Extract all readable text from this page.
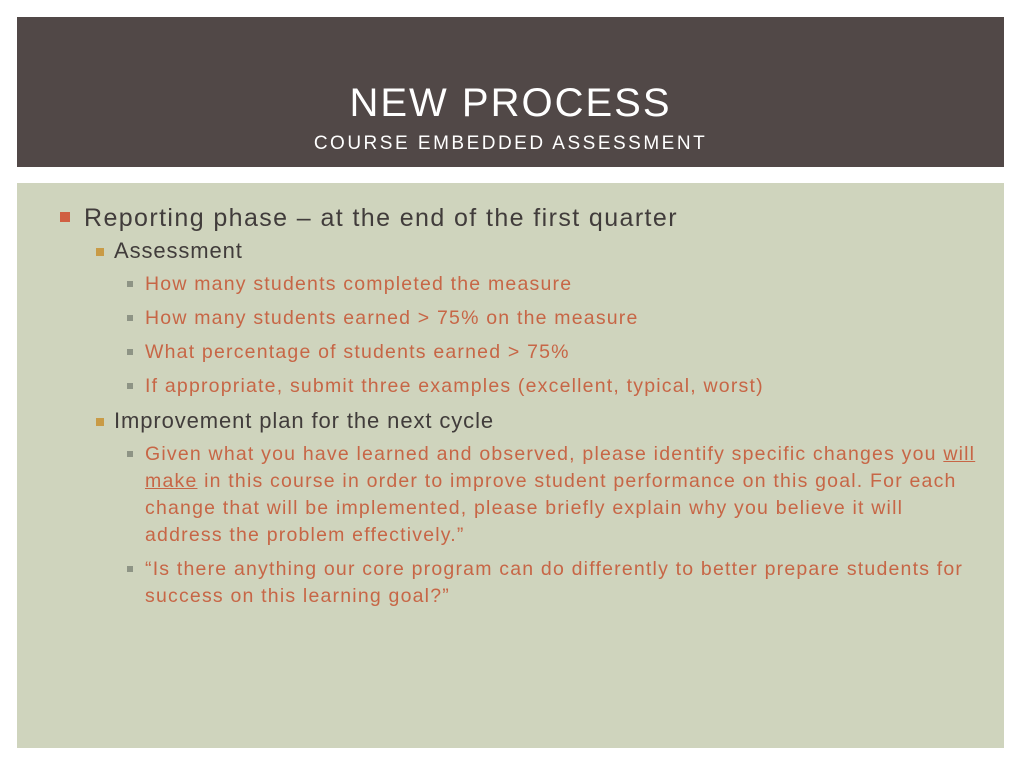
NEW PROCESS
COURSE EMBEDDED ASSESSMENT
Reporting phase – at the end of the first quarter
Assessment
How many students completed the measure
How many students earned > 75% on the measure
What percentage of students earned > 75%
If appropriate, submit three examples (excellent, typical, worst)
Improvement plan for the next cycle
Given what you have learned and observed, please identify specific changes you will make in this course in order to improve student performance on this goal. For each change that will be implemented, please briefly explain why you believe it will address the problem effectively.”
“Is there anything our core program can do differently to better prepare students for success on this learning goal?”
